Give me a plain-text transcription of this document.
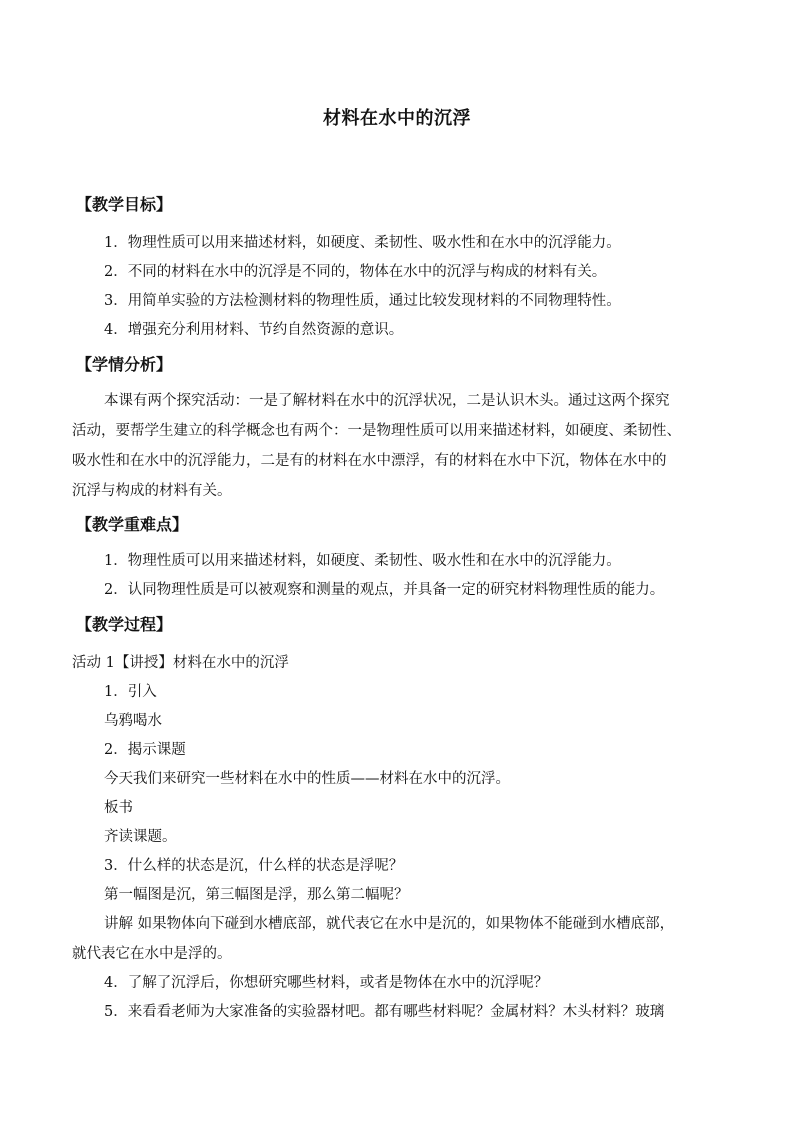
材料在水中的沉浮
【教学目标】
1．物理性质可以用来描述材料，如硬度、柔韧性、吸水性和在水中的沉浮能力。
2．不同的材料在水中的沉浮是不同的，物体在水中的沉浮与构成的材料有关。
3．用简单实验的方法检测材料的物理性质，通过比较发现材料的不同物理特性。
4．增强充分利用材料、节约自然资源的意识。
【学情分析】
本课有两个探究活动：一是了解材料在水中的沉浮状况，二是认识木头。通过这两个探究
活动，要帮学生建立的科学概念也有两个：一是物理性质可以用来描述材料，如硬度、柔韧性、
吸水性和在水中的沉浮能力，二是有的材料在水中漂浮，有的材料在水中下沉，物体在水中的
沉浮与构成的材料有关。
【教学重难点】
1．物理性质可以用来描述材料，如硬度、柔韧性、吸水性和在水中的沉浮能力。
2．认同物理性质是可以被观察和测量的观点，并具备一定的研究材料物理性质的能力。
【教学过程】
活动 1【讲授】材料在水中的沉浮
1．引入
乌鸦喝水
2．揭示课题
今天我们来研究一些材料在水中的性质——材料在水中的沉浮。
板书
齐读课题。
3．什么样的状态是沉，什么样的状态是浮呢？
第一幅图是沉，第三幅图是浮，那么第二幅呢？
讲解 如果物体向下碰到水槽底部，就代表它在水中是沉的，如果物体不能碰到水槽底部，
就代表它在水中是浮的。
4．了解了沉浮后，你想研究哪些材料，或者是物体在水中的沉浮呢？
5．来看看老师为大家准备的实验器材吧。都有哪些材料呢？金属材料？木头材料？玻璃
